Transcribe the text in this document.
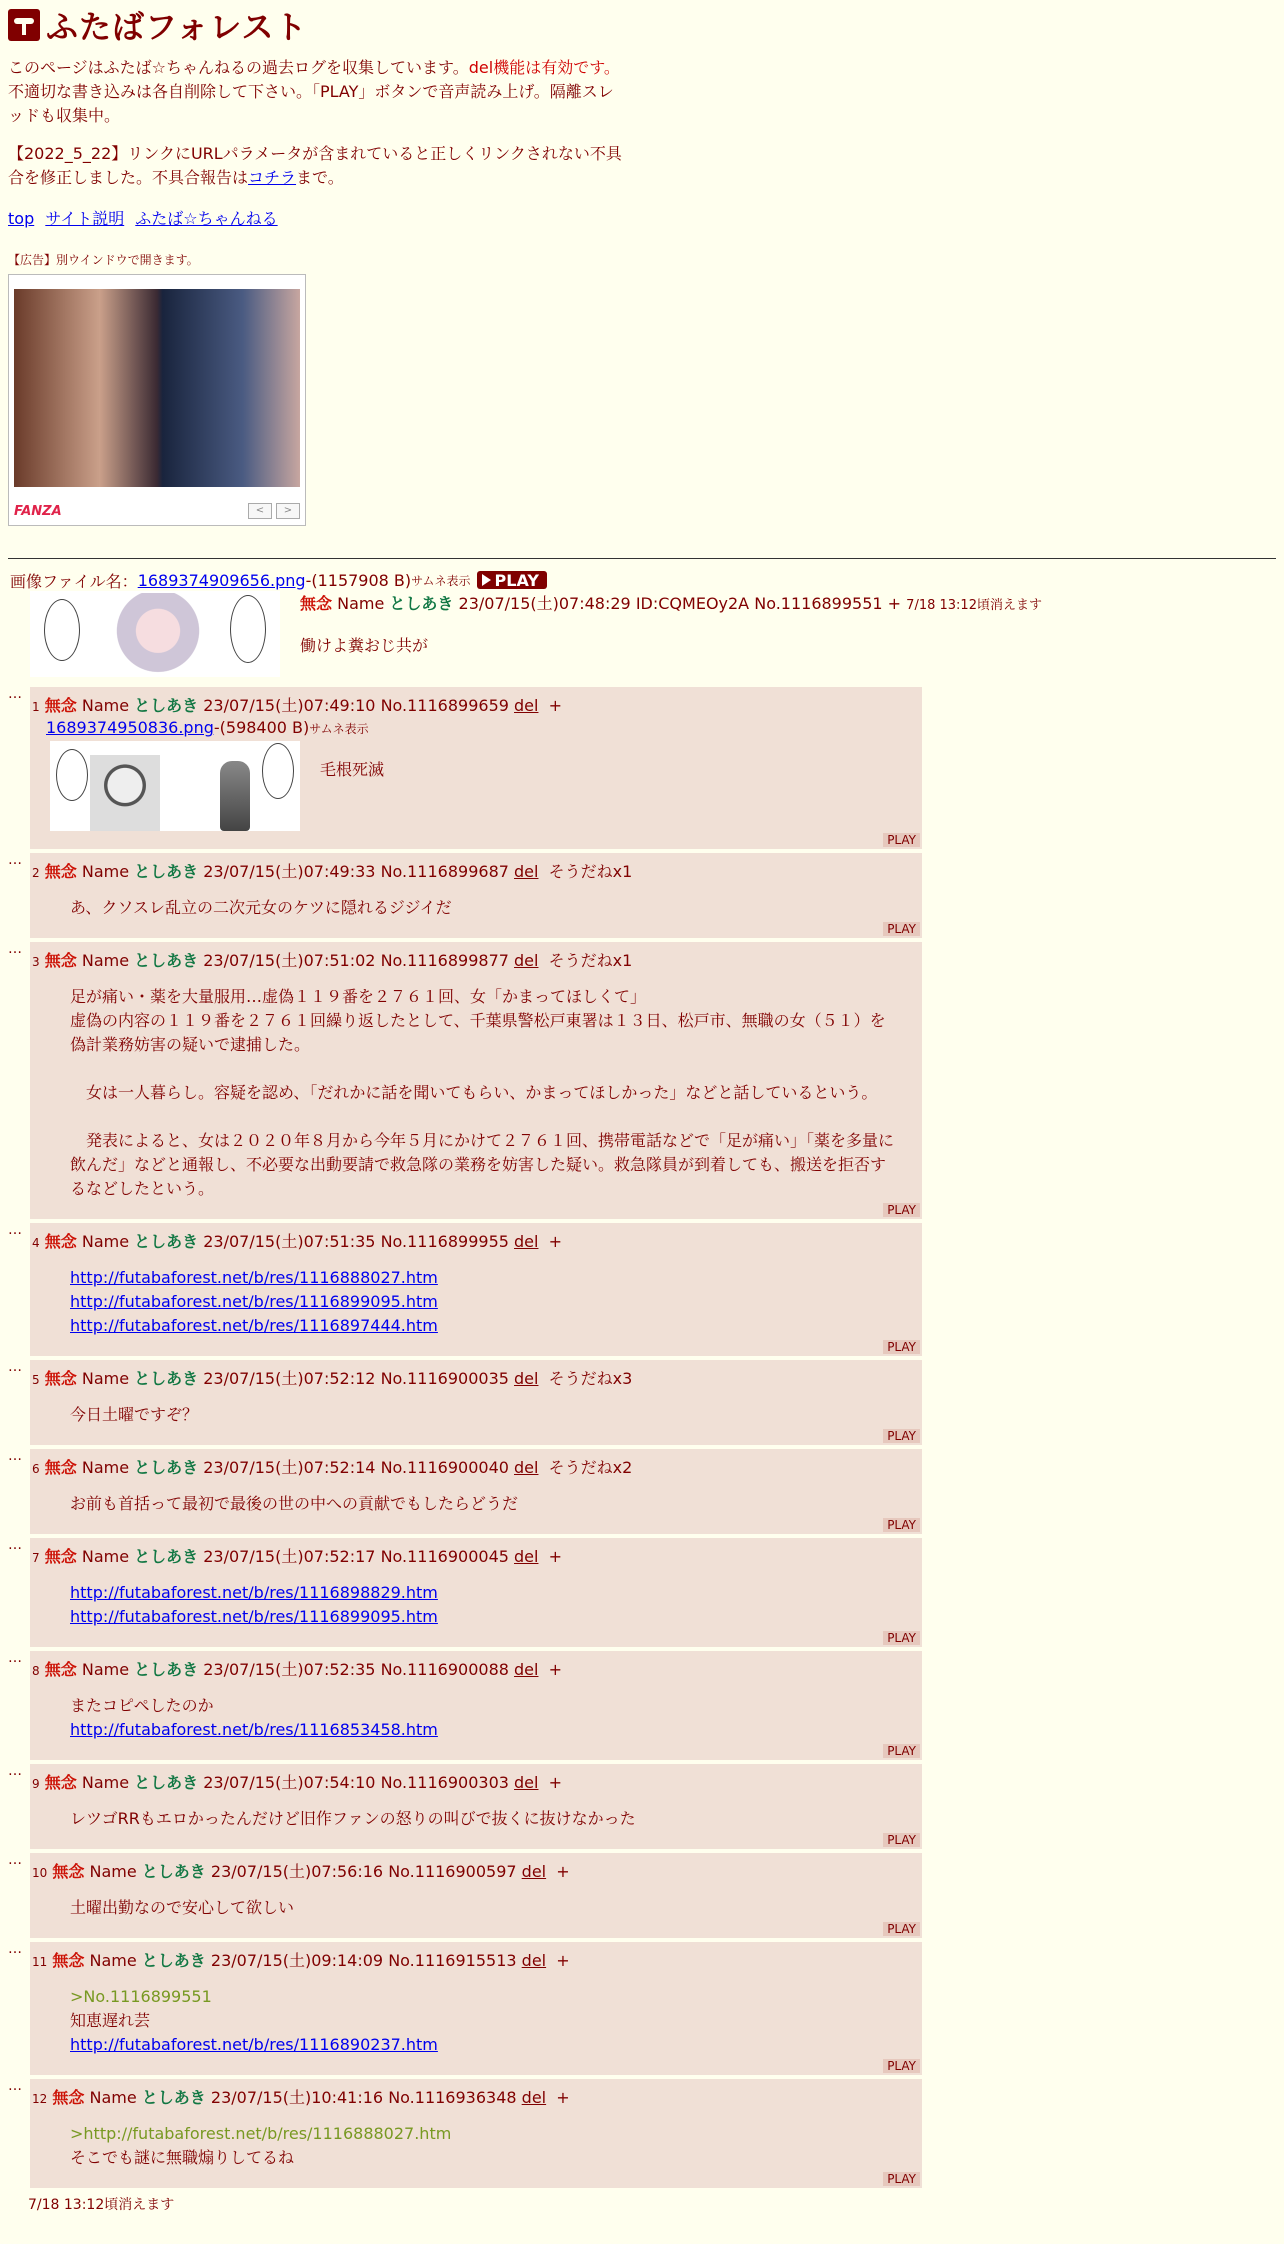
ふたばフォレスト

このページはふたば☆ちゃんねるの過去ログを収集しています。del機能は有効です。不適切な書き込みは各自削除して下さい。「PLAY」ボタンで音声読み上げ。隔離スレッドも収集中。

【2022_5_22】リンクにURLパラメータが含まれていると正しくリンクされない不具合を修正しました。不具合報告はコチラまで。

top サイト説明 ふたば☆ちゃんねる
【広告】別ウインドウで開きます。
FANZA	<	>
画像ファイル名： 1689374909656.png -(1157908 B) サムネ表示 PLAY
無念 Name としあき 23/07/15(土)07:48:29 ID:CQMEOy2A No.1116899551 + 7/18 13:12頃消えます
働けよ糞おじ共が
…
1 無念 Name としあき 23/07/15(土)07:49:10 No.1116899659 del +
1689374950836.png-(598400 B)サムネ表示
毛根死滅
PLAY
…
2 無念 Name としあき 23/07/15(土)07:49:33 No.1116899687 del そうだねx1
あ、クソスレ乱立の二次元女のケツに隠れるジジイだ
PLAY
…
3 無念 Name としあき 23/07/15(土)07:51:02 No.1116899877 del そうだねx1
足が痛い・薬を大量服用…虚偽１１９番を２７６１回、女「かまってほしくて」
虚偽の内容の１１９番を２７６１回繰り返したとして、千葉県警松戸東署は１３日、松戸市、無職の女（５１）を偽計業務妨害の疑いで逮捕した。

　女は一人暮らし。容疑を認め、「だれかに話を聞いてもらい、かまってほしかった」などと話しているという。

　発表によると、女は２０２０年８月から今年５月にかけて２７６１回、携帯電話などで「足が痛い」「薬を多量に飲んだ」などと通報し、不必要な出動要請で救急隊の業務を妨害した疑い。救急隊員が到着しても、搬送を拒否するなどしたという。
PLAY
…
4 無念 Name としあき 23/07/15(土)07:51:35 No.1116899955 del +
http://futabaforest.net/b/res/1116888027.htm
http://futabaforest.net/b/res/1116899095.htm
http://futabaforest.net/b/res/1116897444.htm
PLAY
…
5 無念 Name としあき 23/07/15(土)07:52:12 No.1116900035 del そうだねx3
今日土曜ですぞ？
PLAY
…
6 無念 Name としあき 23/07/15(土)07:52:14 No.1116900040 del そうだねx2
お前も首括って最初で最後の世の中への貢献でもしたらどうだ
PLAY
…
7 無念 Name としあき 23/07/15(土)07:52:17 No.1116900045 del +
http://futabaforest.net/b/res/1116898829.htm
http://futabaforest.net/b/res/1116899095.htm
PLAY
…
8 無念 Name としあき 23/07/15(土)07:52:35 No.1116900088 del +
またコピペしたのか
http://futabaforest.net/b/res/1116853458.htm
PLAY
…
9 無念 Name としあき 23/07/15(土)07:54:10 No.1116900303 del +
レツゴRRもエロかったんだけど旧作ファンの怒りの叫びで抜くに抜けなかった
PLAY
…
10 無念 Name としあき 23/07/15(土)07:56:16 No.1116900597 del +
土曜出勤なので安心して欲しい
PLAY
…
11 無念 Name としあき 23/07/15(土)09:14:09 No.1116915513 del +
>No.1116899551
知恵遅れ芸
http://futabaforest.net/b/res/1116890237.htm
PLAY
…
12 無念 Name としあき 23/07/15(土)10:41:16 No.1116936348 del +
>http://futabaforest.net/b/res/1116888027.htm
そこでも謎に無職煽りしてるね
PLAY
7/18 13:12頃消えます
